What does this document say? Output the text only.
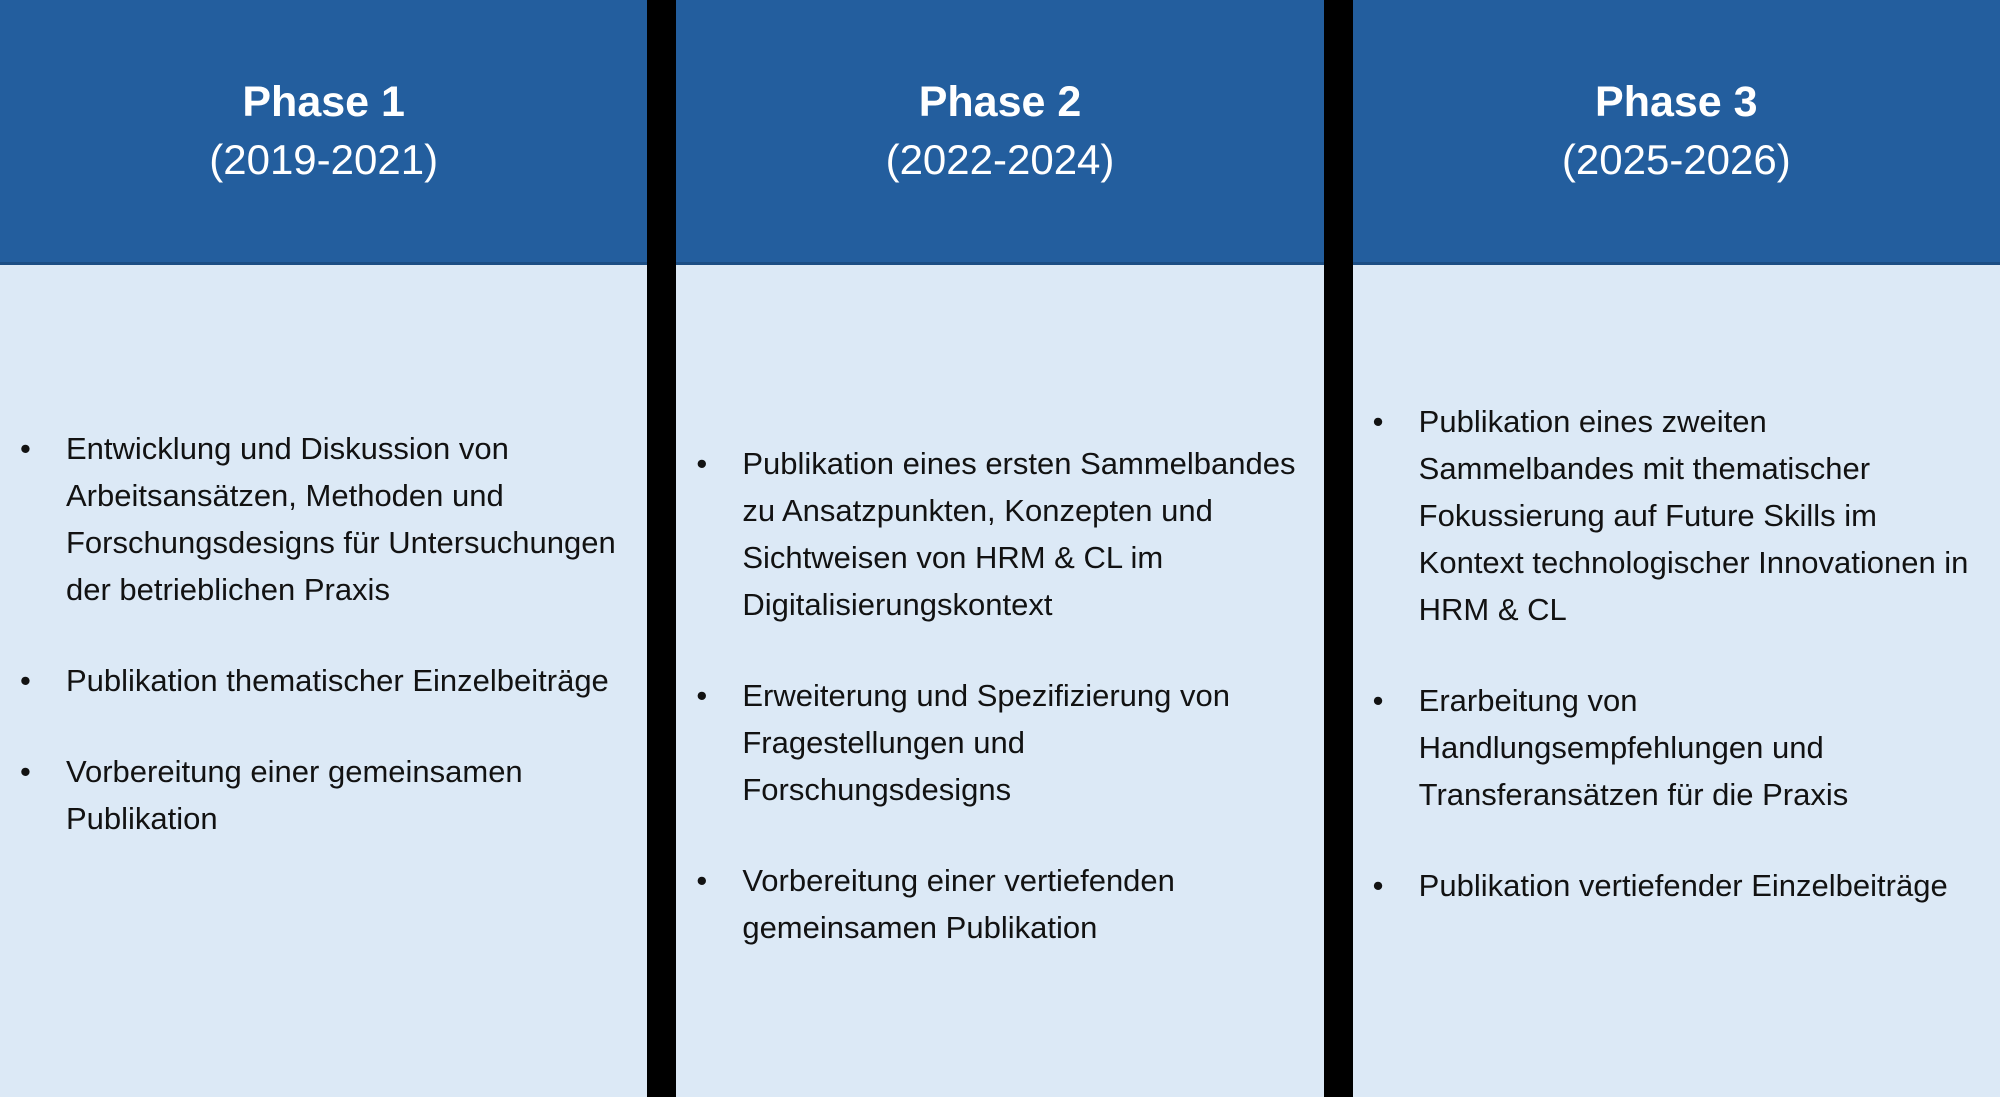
Phase 1
(2019-2021)
• Entwicklung und Diskussion von Arbeitsansätzen, Methoden und Forschungsdesigns für Untersuchungen der betrieblichen Praxis
• Publikation thematischer Einzelbeiträge
• Vorbereitung einer gemeinsamen Publikation
Phase 2
(2022-2024)
• Publikation eines ersten Sammelbandes zu Ansatzpunkten, Konzepten und Sichtweisen von HRM & CL im Digitalisierungskontext
• Erweiterung und Spezifizierung von Fragestellungen und Forschungsdesigns
• Vorbereitung einer vertiefenden gemeinsamen Publikation
Phase 3
(2025-2026)
• Publikation eines zweiten Sammelbandes mit thematischer Fokussierung auf Future Skills im Kontext technologischer Innovationen in HRM & CL
• Erarbeitung von Handlungsempfehlungen und Transferansätzen für die Praxis
• Publikation vertiefender Einzelbeiträge
